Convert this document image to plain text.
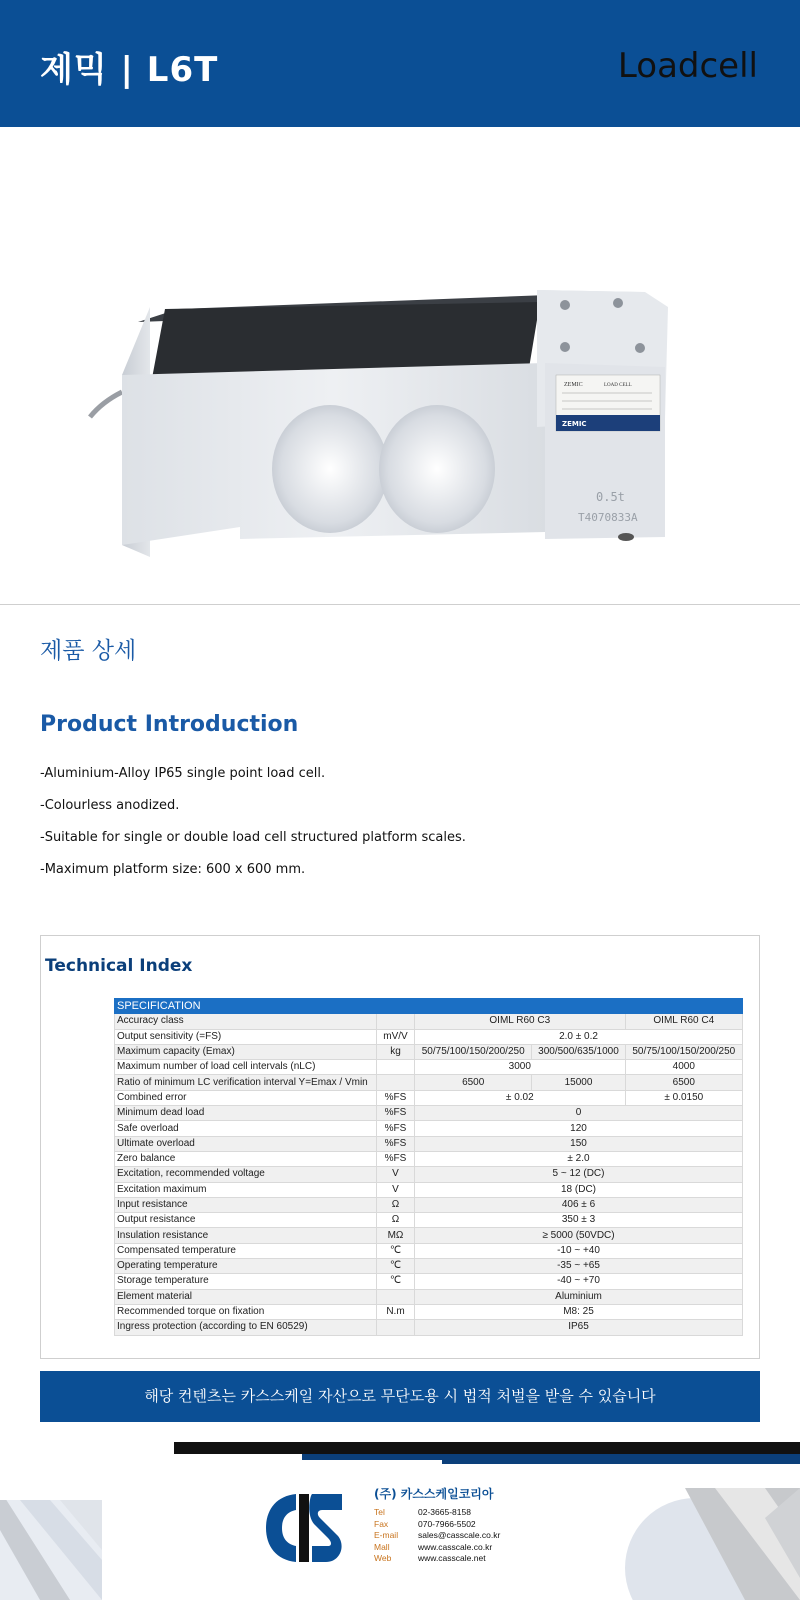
제믹 | L6T	Loadcell
ZEMIC	LOAD CELL
ZEMIC
0.5t
T4070833A
제품 상세
Product Introduction
-Aluminium-Alloy IP65 single point load cell.
-Colourless anodized.
-Suitable for single or double load cell structured platform scales.
-Maximum platform size: 600 x 600 mm.
Technical Index
SPECIFICATION				
Accuracy class		OIML R60 C3		OIML R60 C4
Output sensitivity (=FS)	mV/V	2.0 ± 0.2		
Maximum capacity (Emax)	kg	50/75/100/150/200/250	300/500/635/1000	50/75/100/150/200/250
Maximum number of load cell intervals (nLC)		3000		4000
Ratio of minimum LC verification interval Y=Emax / Vmin		6500	15000	6500
Combined error	%FS	± 0.02		± 0.0150
Minimum dead load	%FS	0		
Safe overload	%FS	120		
Ultimate overload	%FS	150		
Zero balance	%FS	± 2.0		
Excitation, recommended voltage	V	5 ~ 12 (DC)		
Excitation maximum	V	18 (DC)		
Input resistance	Ω	406 ± 6		
Output resistance	Ω	350 ± 3		
Insulation resistance	MΩ	≥ 5000 (50VDC)		
Compensated temperature	℃	-10 ~ +40		
Operating temperature	℃	-35 ~ +65		
Storage temperature	℃	-40 ~ +70		
Element material		Aluminium		
Recommended torque on fixation	N.m	M8: 25		
Ingress protection (according to EN 60529)		IP65		
해당 컨텐츠는 카스스케일 자산으로 무단도용 시 법적 처벌을 받을 수 있습니다
(주) 카스스케일코리아
Tel	02-3665-8158
Fax	070-7966-5502
E-mail	sales@casscale.co.kr
Mall	www.casscale.co.kr
Web	www.casscale.net
